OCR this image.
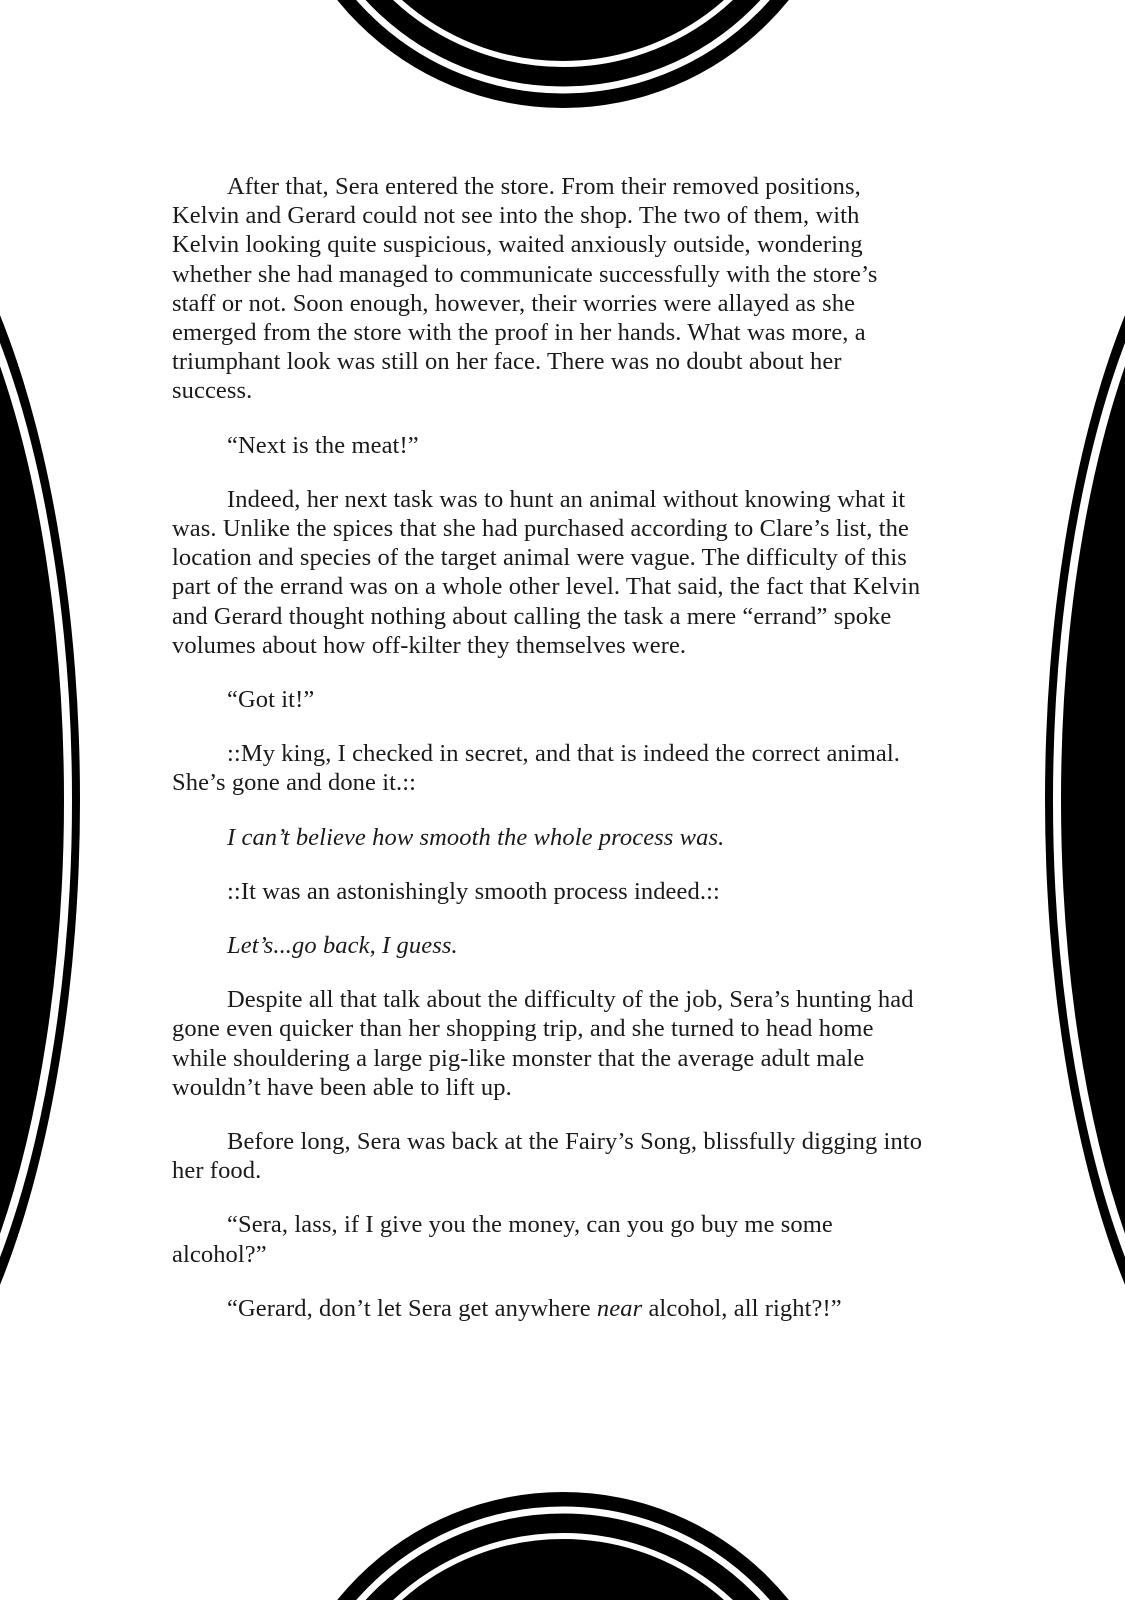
After that, Sera entered the store. From their removed positions, Kelvin and Gerard could not see into the shop. The two of them, with Kelvin looking quite suspicious, waited anxiously outside, wondering whether she had managed to communicate successfully with the store’s staff or not. Soon enough, however, their worries were allayed as she emerged from the store with the proof in her hands. What was more, a triumphant look was still on her face. There was no doubt about her success.

“Next is the meat!”

Indeed, her next task was to hunt an animal without knowing what it was. Unlike the spices that she had purchased according to Clare’s list, the location and species of the target animal were vague. The difficulty of this part of the errand was on a whole other level. That said, the fact that Kelvin and Gerard thought nothing about calling the task a mere “errand” spoke volumes about how off-kilter they themselves were.

“Got it!”

::My king, I checked in secret, and that is indeed the correct animal. She’s gone and done it.::

I can’t believe how smooth the whole process was.

::It was an astonishingly smooth process indeed.::

Let’s...go back, I guess.

Despite all that talk about the difficulty of the job, Sera’s hunting had gone even quicker than her shopping trip, and she turned to head home while shouldering a large pig-like monster that the average adult male wouldn’t have been able to lift up.

Before long, Sera was back at the Fairy’s Song, blissfully digging into her food.

“Sera, lass, if I give you the money, can you go buy me some alcohol?”

“Gerard, don’t let Sera get anywhere near alcohol, all right?!”
